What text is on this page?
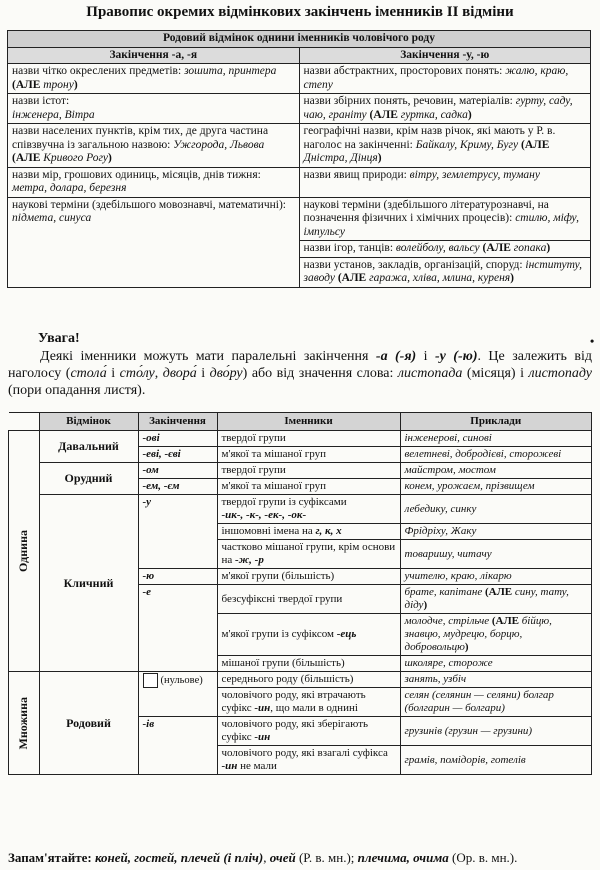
Правопис окремих відмінкових закінчень іменників ІІ відміни
Родовий відмінок однини іменників чоловічого роду	
Закінчення -а, -я	Закінчення -у, -ю
назви чітко окреслених предметів: зошита, принтера (АЛЕ трону)	назви абстрактних, просторових понять: жалю, краю, степу
назви істот:
інженера, Вітра	назви збірних понять, речовин, матеріалів: гурту, саду, чаю, граніту (АЛЕ гуртка, садка)
назви населених пунктів, крім тих, де друга частина співзвучна із загальною назвою: Ужгорода, Львова (АЛЕ Кривого Рогу)	географічні назви, крім назв річок, які мають у Р. в. наголос на закінченні: Байкалу, Криму, Бугу (АЛЕ Дністра, Дінця)
назви мір, грошових одиниць, місяців, днів тижня: метра, долара, березня	назви явищ природи: вітру, землетрусу, туману
наукові терміни (здебільшого мовознавчі, математичні): підмета, синуса	наукові терміни (здебільшого літературознавчі, на позначення фізичних і хімічних процесів): стилю, міфу, імпульсу
	назви ігор, танців: волейболу, вальсу (АЛЕ гопака)
	назви установ, закладів, організацій, споруд: інституту, заводу (АЛЕ гаража, хліва, млина, куреня)
Увага!	•
Деякі іменники можуть мати паралельні закінчення -а (-я) і -у (-ю). Це залежить від наголосу (стола́ і сто́лу, двора́ і дво́ру) або від значення слова: листопада (місяця) і листопаду (пори опадання листя).
	Відмінок	Закінчення	Іменники	Приклади

Однина	Давальний	-ові	твердої групи	інженерові, синові
		-еві, -єві	м'якої та мішаної груп	велетневі, добродієві, сторожеві
	Орудний	-ом	твердої групи	майстром, мостом
		-ем, -єм	м'якої та мішаної груп	конем, урожаєм, прізвищем
	Кличний	-у	твердої групи із суфіксами
-ик-, -к-, -ек-, -ок-	лебедику, синку
			іншомовні імена на г, к, х	Фрідріху, Жаку
			частково мішаної групи, крім основи на -ж, -р	товаришу, читачу
		-ю	м'якої групи (більшість)	учителю, краю, лікарю
		-е	безсуфіксні твердої групи	брате, капітане (АЛЕ сину, тату, діду)
			м'якої групи із суфіксом -ець	молодче, стрільче (АЛЕ бійцю, знавцю, мудрецю, борцю, добровольцю)
			мішаної групи (більшість)	школяре, стороже

Множина	Родовий	(нульове)	середнього роду (більшість)	занять, узбіч
			чоловічого роду, які втрачають суфікс -ин, що мали в однині	селян (селянин — селяни) болгар (болгарин — болгари)
		-ів	чоловічого роду, які зберігають суфікс -ин	грузинів (грузин — грузини)
			чоловічого роду, які взагалі суфікса -ин не мали	грамів, помідорів, готелів
Запам'ятайте: коней, гостей, плечей (і пліч), очей (Р. в. мн.); плечима, очима (Ор. в. мн.).
